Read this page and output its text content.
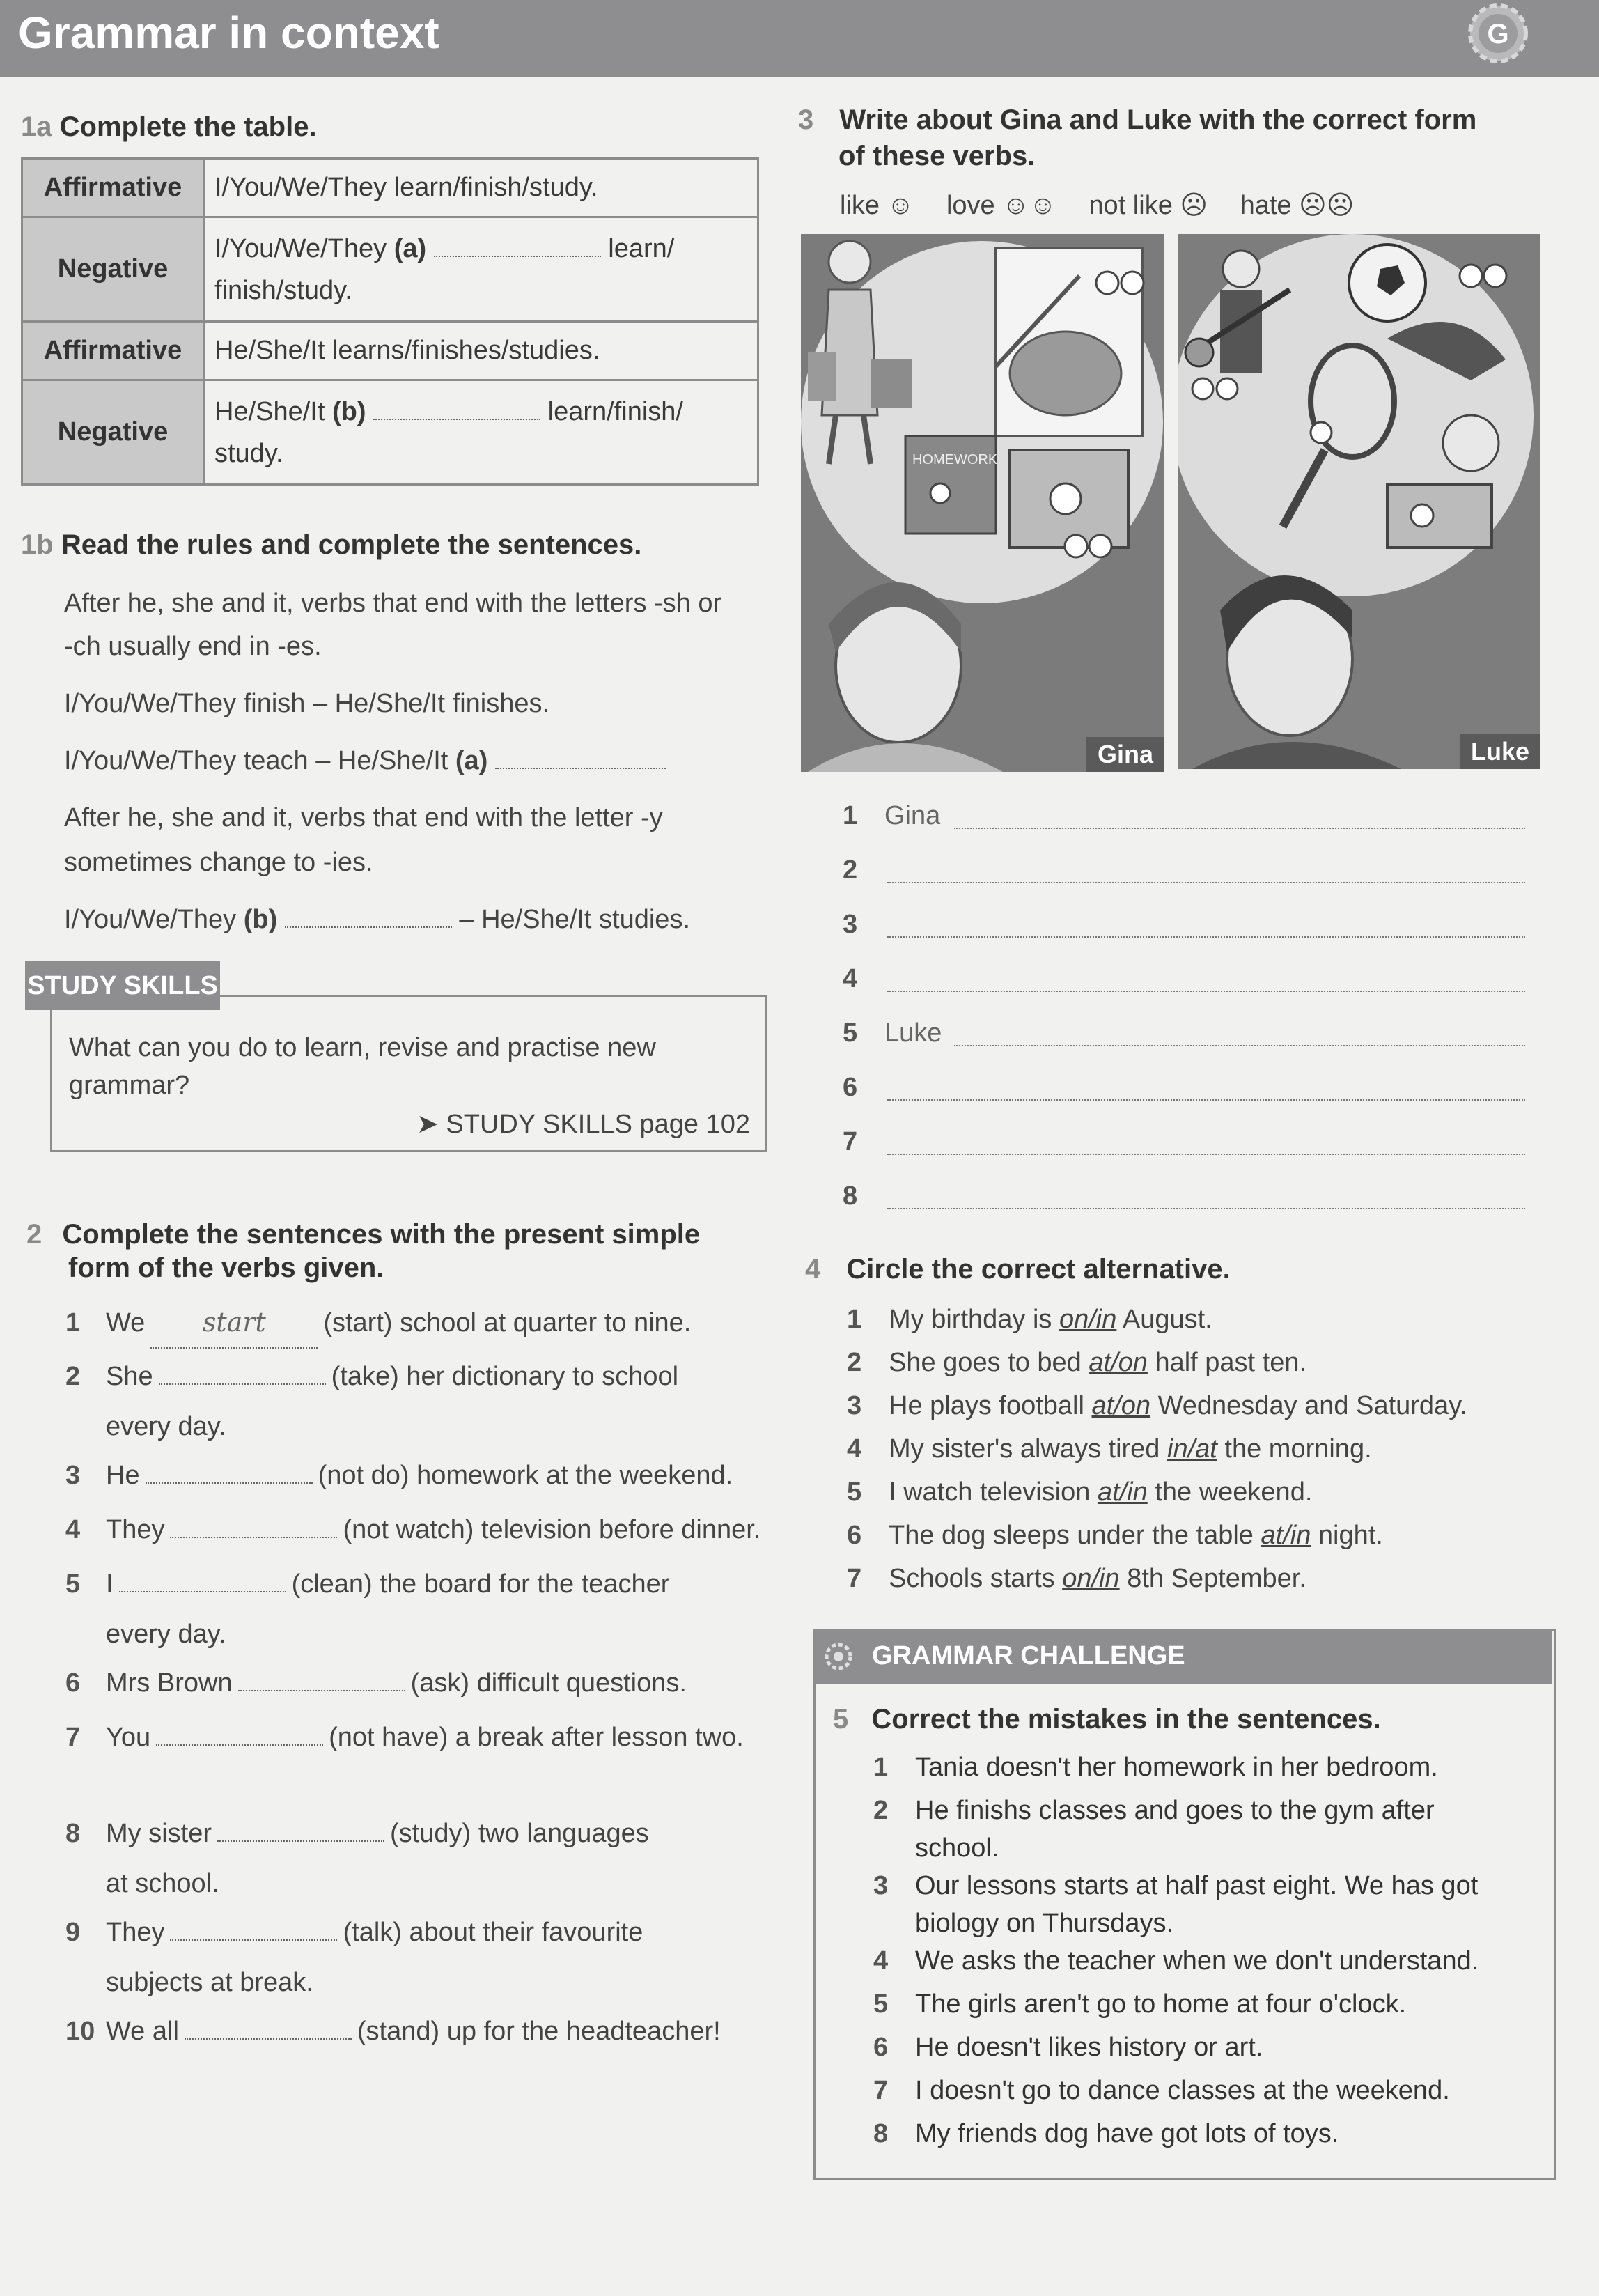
Grammar in context	G
1a Complete the table.
Affirmative	I/You/We/They learn/finish/study.
Negative	I/You/We/They (a) learn/ finish/study.
Affirmative	He/She/It learns/finishes/studies.
Negative	He/She/It (b) learn/finish/ study.
1b Read the rules and complete the sentences.
After he, she and it, verbs that end with the letters -sh or
-ch usually end in -es.
I/You/We/They finish – He/She/It finishes.
I/You/We/They teach – He/She/It (a)
After he, she and it, verbs that end with the letter -y
sometimes change to -ies.
I/You/We/They (b)	– He/She/It studies.
What can you do to learn, revise and practise new
grammar?
➤ STUDY SKILLS page 102
STUDY SKILLS
2 Complete the sentences with the present simple
form of the verbs given.
1 We start (start) school at quarter to nine.
2 She	(take) her dictionary to school
every day.
3 He	(not do) homework at the weekend.
4 They	(not watch) television before dinner.
5 I	(clean) the board for the teacher
every day.
6 Mrs Brown	(ask) difficult questions.
7 You	(not have) a break after lesson two.
8 My sister	(study) two languages
at school.
9 They	(talk) about their favourite
subjects at break.
10 We all	(stand) up for the headteacher!
3 Write about Gina and Luke with the correct form
of these verbs.
like ☺ love ☺☺ not like ☹ hate ☹☹
HOMEWORK
Gina	Luke
1 Gina
2
3
4
5 Luke
6
7
8
4 Circle the correct alternative.
1 My birthday is on/in August.
2 She goes to bed at/on half past ten.
3 He plays football at/on Wednesday and Saturday.
4 My sister's always tired in/at the morning.
5 I watch television at/in the weekend.
6 The dog sleeps under the table at/in night.
7 Schools starts on/in 8th September.
GRAMMAR CHALLENGE
5 Correct the mistakes in the sentences.
1 Tania doesn't her homework in her bedroom.
2 He finishs classes and goes to the gym after
school.
3 Our lessons starts at half past eight. We has got
biology on Thursdays.
4 We asks the teacher when we don't understand.
5 The girls aren't go to home at four o'clock.
6 He doesn't likes history or art.
7 I doesn't go to dance classes at the weekend.
8 My friends dog have got lots of toys.
